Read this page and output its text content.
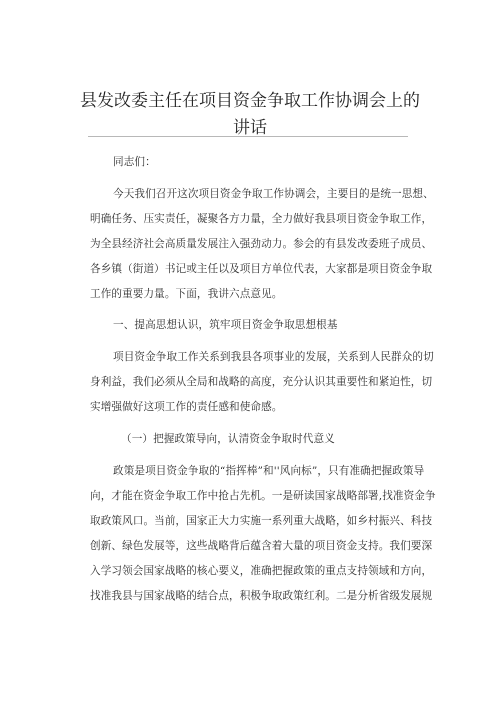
县发改委主任在项目资金争取工作协调会上的
讲话
同志们：
今天我们召开这次项目资金争取工作协调会，主要目的是统一思想、
明确任务、压实责任，凝聚各方力量，全力做好我县项目资金争取工作，
为全县经济社会高质量发展注入强劲动力。参会的有县发改委班子成员、
各乡镇（街道）书记或主任以及项目方单位代表，大家都是项目资金争取
工作的重要力量。下面，我讲六点意见。
一、提高思想认识，筑牢项目资金争取思想根基
项目资金争取工作关系到我县各项事业的发展，关系到人民群众的切
身利益，我们必须从全局和战略的高度，充分认识其重要性和紧迫性，切
实增强做好这项工作的责任感和使命感。
（一）把握政策导向，认清资金争取时代意义
政策是项目资金争取的“指挥棒”和''风向标”，只有准确把握政策导
向，才能在资金争取工作中抢占先机。一是研读国家战略部署,找准资金争
取政策风口。当前，国家正大力实施一系列重大战略，如乡村振兴、科技
创新、绿色发展等，这些战略背后蕴含着大量的项目资金支持。我们要深
入学习领会国家战略的核心要义，准确把握政策的重点支持领域和方向，
找准我县与国家战略的结合点，积极争取政策红利。二是分析省级发展规
